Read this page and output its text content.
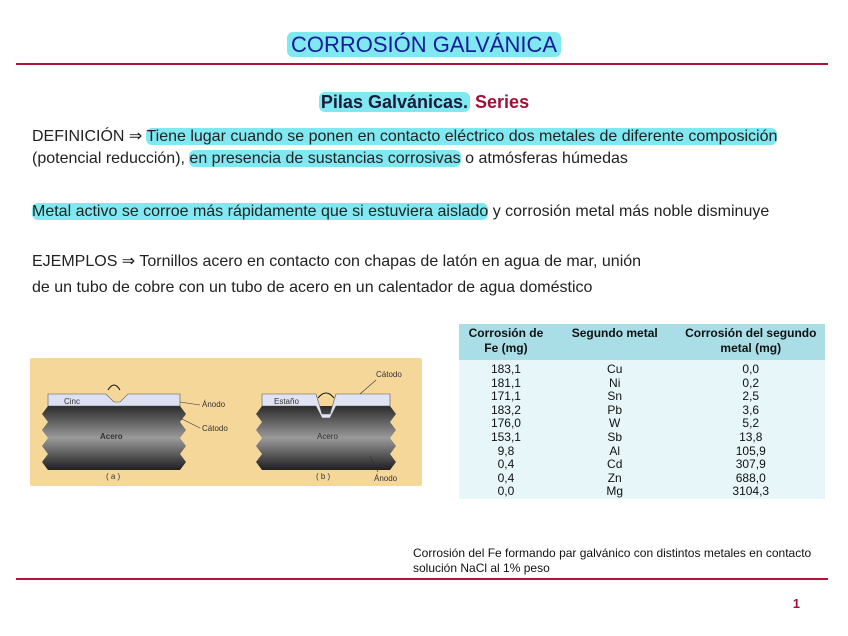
CORROSIÓN GALVÁNICA
Pilas Galvánicas. Series
DEFINICIÓN ⇒ Tiene lugar cuando se ponen en contacto eléctrico dos metales de diferente composición (potencial reducción), en presencia de sustancias corrosivas o atmósferas húmedas
Metal activo se corroe más rápidamente que si estuviera aislado y corrosión metal más noble disminuye
EJEMPLOS ⇒ Tornillos acero en contacto con chapas de latón en agua de mar, unión
de un tubo de cobre con un tubo de acero en un calentador de agua doméstico
Cinc
Acero
Ánodo
Cátodo
( a )
Estaño
Acero
Cátodo
Ánodo
( b )
Corrosión de Fe (mg)	Segundo metal	Corrosión del segundo metal (mg)
183,1	Cu	0,0
181,1	Ni	0,2
171,1	Sn	2,5
183,2	Pb	3,6
176,0	W	5,2
153,1	Sb	13,8
9,8	Al	105,9
0,4	Cd	307,9
0,4	Zn	688,0
0,0	Mg	3104,3
Corrosión del Fe formando par galvánico con distintos metales en contacto solución NaCl al 1% peso
1
